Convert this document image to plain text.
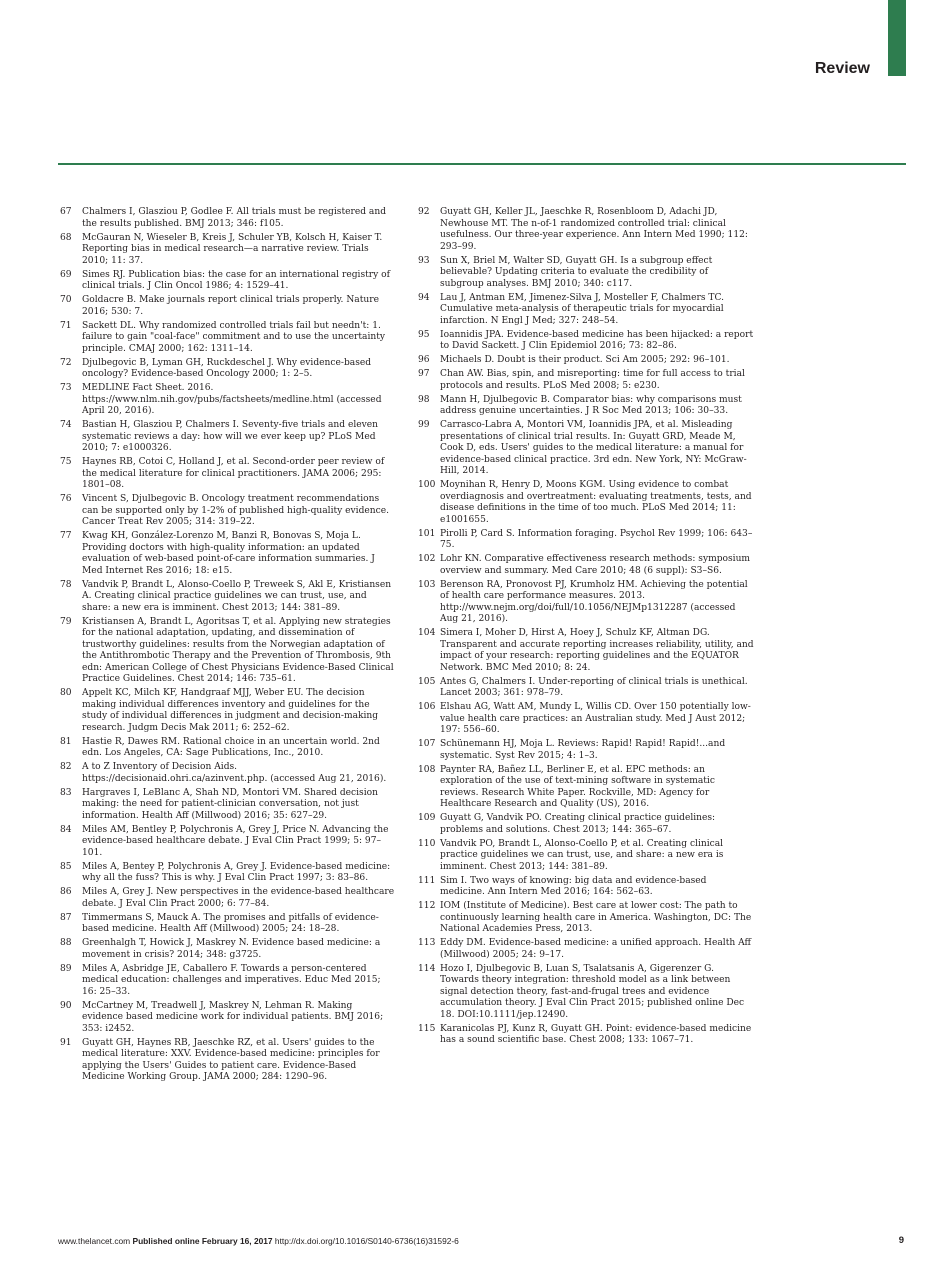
Review
67	Chalmers I, Glasziou P, Godlee F. All trials must be registered and the results published. BMJ 2013; 346: f105.
68	McGauran N, Wieseler B, Kreis J, Schuler YB, Kolsch H, Kaiser T. Reporting bias in medical research—a narrative review. Trials 2010; 11: 37.
69	Simes RJ. Publication bias: the case for an international registry of clinical trials. J Clin Oncol 1986; 4: 1529–41.
70	Goldacre B. Make journals report clinical trials properly. Nature 2016; 530: 7.
71	Sackett DL. Why randomized controlled trials fail but needn't: 1. failure to gain "coal-face" commitment and to use the uncertainty principle. CMAJ 2000; 162: 1311–14.
72	Djulbegovic B, Lyman GH, Ruckdeschel J. Why evidence-based oncology? Evidence-based Oncology 2000; 1: 2–5.
73	MEDLINE Fact Sheet. 2016. https://www.nlm.nih.gov/pubs/factsheets/medline.html (accessed April 20, 2016).
74	Bastian H, Glasziou P, Chalmers I. Seventy-five trials and eleven systematic reviews a day: how will we ever keep up? PLoS Med 2010; 7: e1000326.
75	Haynes RB, Cotoi C, Holland J, et al. Second-order peer review of the medical literature for clinical practitioners. JAMA 2006; 295: 1801–08.
76	Vincent S, Djulbegovic B. Oncology treatment recommendations can be supported only by 1-2% of published high-quality evidence. Cancer Treat Rev 2005; 314: 319–22.
77	Kwag KH, González-Lorenzo M, Banzi R, Bonovas S, Moja L. Providing doctors with high-quality information: an updated evaluation of web-based point-of-care information summaries. J Med Internet Res 2016; 18: e15.
78	Vandvik P, Brandt L, Alonso-Coello P, Treweek S, Akl E, Kristiansen A. Creating clinical practice guidelines we can trust, use, and share: a new era is imminent. Chest 2013; 144: 381–89.
79	Kristiansen A, Brandt L, Agoritsas T, et al. Applying new strategies for the national adaptation, updating, and dissemination of trustworthy guidelines: results from the Norwegian adaptation of the Antithrombotic Therapy and the Prevention of Thrombosis, 9th edn: American College of Chest Physicians Evidence-Based Clinical Practice Guidelines. Chest 2014; 146: 735–61.
80	Appelt KC, Milch KF, Handgraaf MJJ, Weber EU. The decision making individual differences inventory and guidelines for the study of individual differences in judgment and decision-making research. Judgm Decis Mak 2011; 6: 252–62.
81	Hastie R, Dawes RM. Rational choice in an uncertain world. 2nd edn. Los Angeles, CA: Sage Publications, Inc., 2010.
82	A to Z Inventory of Decision Aids. https://decisionaid.ohri.ca/azinvent.php. (accessed Aug 21, 2016).
83	Hargraves I, LeBlanc A, Shah ND, Montori VM. Shared decision making: the need for patient-clinician conversation, not just information. Health Aff (Millwood) 2016; 35: 627–29.
84	Miles AM, Bentley P, Polychronis A, Grey J, Price N. Advancing the evidence-based healthcare debate. J Eval Clin Pract 1999; 5: 97–101.
85	Miles A, Bentey P, Polychronis A, Grey J. Evidence-based medicine: why all the fuss? This is why. J Eval Clin Pract 1997; 3: 83–86.
86	Miles A, Grey J. New perspectives in the evidence-based healthcare debate. J Eval Clin Pract 2000; 6: 77–84.
87	Timmermans S, Mauck A. The promises and pitfalls of evidence-based medicine. Health Aff (Millwood) 2005; 24: 18–28.
88	Greenhalgh T, Howick J, Maskrey N. Evidence based medicine: a movement in crisis? 2014; 348: g3725.
89	Miles A, Asbridge JE, Caballero F. Towards a person-centered medical education: challenges and imperatives. Educ Med 2015; 16: 25–33.
90	McCartney M, Treadwell J, Maskrey N, Lehman R. Making evidence based medicine work for individual patients. BMJ 2016; 353: i2452.
91	Guyatt GH, Haynes RB, Jaeschke RZ, et al. Users' guides to the medical literature: XXV. Evidence-based medicine: principles for applying the Users' Guides to patient care. Evidence-Based Medicine Working Group. JAMA 2000; 284: 1290–96.
92	Guyatt GH, Keller JL, Jaeschke R, Rosenbloom D, Adachi JD, Newhouse MT. The n-of-1 randomized controlled trial: clinical usefulness. Our three-year experience. Ann Intern Med 1990; 112: 293–99.
93	Sun X, Briel M, Walter SD, Guyatt GH. Is a subgroup effect believable? Updating criteria to evaluate the credibility of subgroup analyses. BMJ 2010; 340: c117.
94	Lau J, Antman EM, Jimenez-Silva J, Mosteller F, Chalmers TC. Cumulative meta-analysis of therapeutic trials for myocardial infarction. N Engl J Med; 327: 248–54.
95	Ioannidis JPA. Evidence-based medicine has been hijacked: a report to David Sackett. J Clin Epidemiol 2016; 73: 82–86.
96	Michaels D. Doubt is their product. Sci Am 2005; 292: 96–101.
97	Chan AW. Bias, spin, and misreporting: time for full access to trial protocols and results. PLoS Med 2008; 5: e230.
98	Mann H, Djulbegovic B. Comparator bias: why comparisons must address genuine uncertainties. J R Soc Med 2013; 106: 30–33.
99	Carrasco-Labra A, Montori VM, Ioannidis JPA, et al. Misleading presentations of clinical trial results. In: Guyatt GRD, Meade M, Cook D, eds. Users' guides to the medical literature: a manual for evidence-based clinical practice. 3rd edn. New York, NY: McGraw-Hill, 2014.
100 Moynihan R, Henry D, Moons KGM. Using evidence to combat overdiagnosis and overtreatment: evaluating treatments, tests, and disease definitions in the time of too much. PLoS Med 2014; 11: e1001655.
101 Pirolli P, Card S. Information foraging. Psychol Rev 1999; 106: 643–75.
102 Lohr KN. Comparative effectiveness research methods: symposium overview and summary. Med Care 2010; 48 (6 suppl): S3–S6.
103 Berenson RA, Pronovost PJ, Krumholz HM. Achieving the potential of health care performance measures. 2013. http://www.nejm.org/doi/full/10.1056/NEJMp1312287 (accessed Aug 21, 2016).
104 Simera I, Moher D, Hirst A, Hoey J, Schulz KF, Altman DG. Transparent and accurate reporting increases reliability, utility, and impact of your research: reporting guidelines and the EQUATOR Network. BMC Med 2010; 8: 24.
105 Antes G, Chalmers I. Under-reporting of clinical trials is unethical. Lancet 2003; 361: 978–79.
106 Elshau AG, Watt AM, Mundy L, Willis CD. Over 150 potentially low-value health care practices: an Australian study. Med J Aust 2012; 197: 556–60.
107 Schünemann HJ, Moja L. Reviews: Rapid! Rapid! Rapid!...and systematic. Syst Rev 2015; 4: 1–3.
108 Paynter RA, Bañez LL, Berliner E, et al. EPC methods: an exploration of the use of text-mining software in systematic reviews. Research White Paper. Rockville, MD: Agency for Healthcare Research and Quality (US), 2016.
109 Guyatt G, Vandvik PO. Creating clinical practice guidelines: problems and solutions. Chest 2013; 144: 365–67.
110 Vandvik PO, Brandt L, Alonso-Coello P, et al. Creating clinical practice guidelines we can trust, use, and share: a new era is imminent. Chest 2013; 144: 381–89.
111 Sim I. Two ways of knowing: big data and evidence-based medicine. Ann Intern Med 2016; 164: 562–63.
112 IOM (Institute of Medicine). Best care at lower cost: The path to continuously learning health care in America. Washington, DC: The National Academies Press, 2013.
113 Eddy DM. Evidence-based medicine: a unified approach. Health Aff (Millwood) 2005; 24: 9–17.
114 Hozo I, Djulbegovic B, Luan S, Tsalatsanis A, Gigerenzer G. Towards theory integration: threshold model as a link between signal detection theory, fast-and-frugal trees and evidence accumulation theory. J Eval Clin Pract 2015; published online Dec 18. DOI:10.1111/jep.12490.
115 Karanicolas PJ, Kunz R, Guyatt GH. Point: evidence-based medicine has a sound scientific base. Chest 2008; 133: 1067–71.
www.thelancet.com Published online February 16, 2017 http://dx.doi.org/10.1016/S0140-6736(16)31592-6	9
